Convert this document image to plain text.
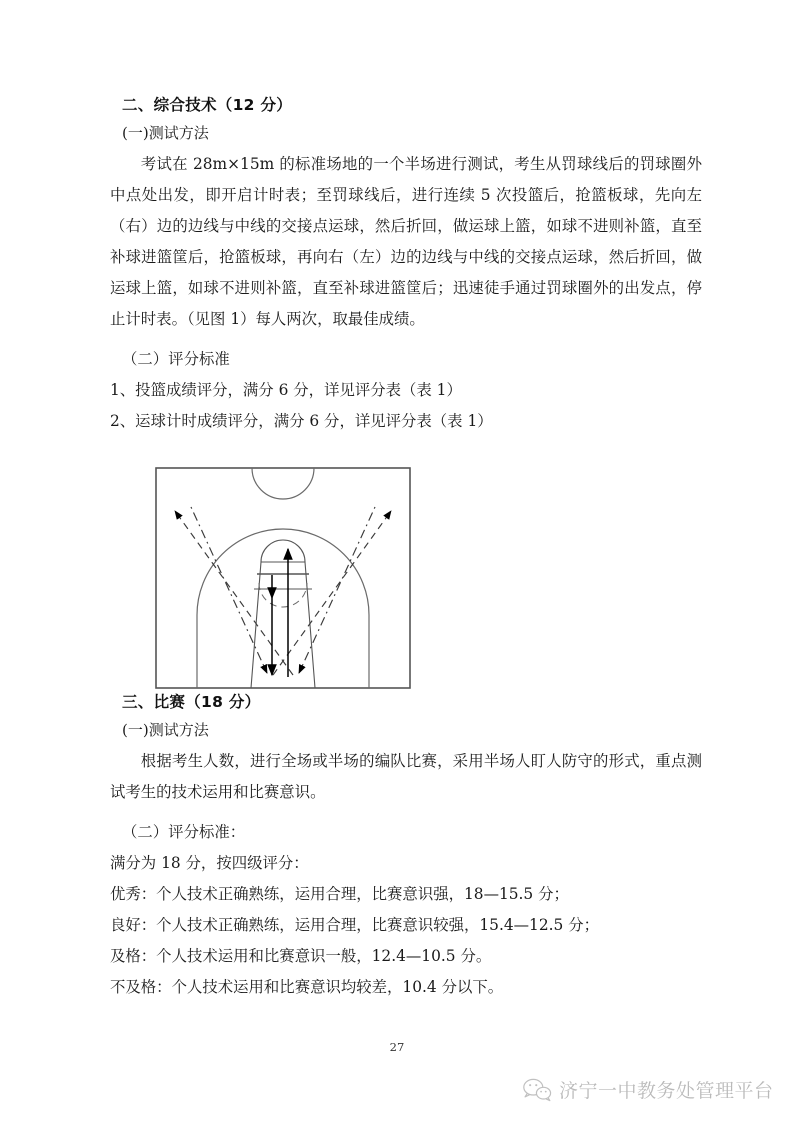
二、综合技术（12 分）
(一)测试方法

考试在 28m×15m 的标准场地的一个半场进行测试，考生从罚球线后的罚球圈外中点处出发，即开启计时表；至罚球线后，进行连续 5 次投篮后，抢篮板球，先向左（右）边的边线与中线的交接点运球，然后折回，做运球上篮，如球不进则补篮，直至补球进篮筐后，抢篮板球，再向右（左）边的边线与中线的交接点运球，然后折回，做运球上篮，如球不进则补篮，直至补球进篮筐后；迅速徒手通过罚球圈外的出发点，停止计时表。（见图 1）每人两次，取最佳成绩。

（二）评分标准
1、投篮成绩评分，满分 6 分，详见评分表（表 1）
2、运球计时成绩评分，满分 6 分，详见评分表（表 1）
三、比赛（18 分）
(一)测试方法

根据考生人数，进行全场或半场的编队比赛，采用半场人盯人防守的形式，重点测试考生的技术运用和比赛意识。

（二）评分标准：
满分为 18 分，按四级评分：
优秀：个人技术正确熟练，运用合理，比赛意识强，18—15.5 分；
良好：个人技术正确熟练，运用合理，比赛意识较强，15.4—12.5 分；
及格：个人技术运用和比赛意识一般，12.4—10.5 分。
不及格：个人技术运用和比赛意识均较差，10.4 分以下。
27
济宁一中教务处管理平台
